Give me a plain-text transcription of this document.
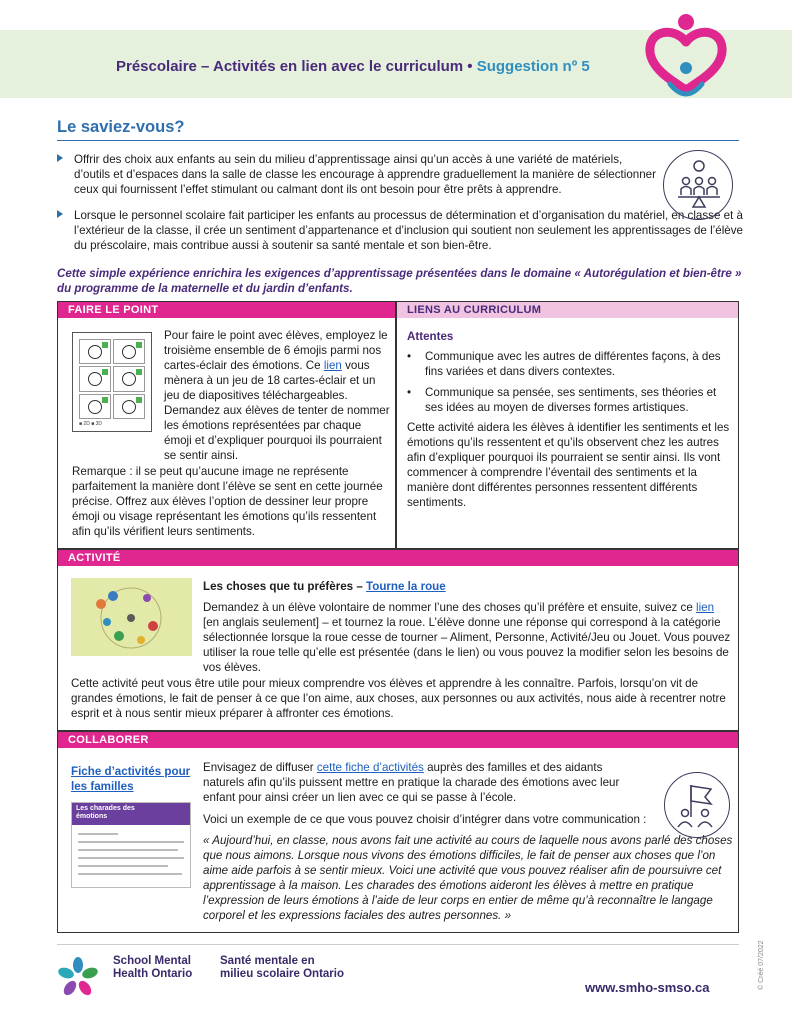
Préscolaire – Activités en lien avec le curriculum • Suggestion nº 5
Le saviez-vous?
Offrir des choix aux enfants au sein du milieu d’apprentissage ainsi qu’un accès à une variété de matériels, d’outils et d’espaces dans la salle de classe les encourage à apprendre graduellement la manière de sélectionner ceux qui fournissent l’effet stimulant ou calmant dont ils ont besoin pour être prêts à apprendre.
Lorsque le personnel scolaire fait participer les enfants au processus de détermination et d’organisation du matériel, en classe et à l’extérieur de la classe, il crée un sentiment d’appartenance et d’inclusion qui soutient non seulement les apprentissages de l’élève du préscolaire, mais contribue aussi à soutenir sa santé mentale et son bien-être.
Cette simple expérience enrichira les exigences d’apprentissage présentées dans le domaine « Autorégulation et bien-être » du programme de la maternelle et du jardin d’enfants.
FAIRE LE POINT
■ 2D ■ 3D
Pour faire le point avec élèves, employez le troisième ensemble de 6 émojis parmi nos cartes-éclair des émotions. Ce lien vous mènera à un jeu de 18 cartes-éclair et un jeu de diapositives téléchargeables.
Demandez aux élèves de tenter de nommer les émotions représentées par chaque émoji et d’expliquer pourquoi ils pourraient se sentir ainsi.
Remarque : il se peut qu’aucune image ne représente parfaitement la manière dont l’élève se sent en cette journée précise. Offrez aux élèves l’option de dessiner leur propre émoji ou visage représentant les émotions qu’ils ressentent afin qu’ils vérifient leurs sentiments.
LIENS AU CURRICULUM
Attentes
• Communique avec les autres de différentes façons, à des fins variées et dans divers contextes.
• Communique sa pensée, ses sentiments, ses théories et ses idées au moyen de diverses formes artistiques.
Cette activité aidera les élèves à identifier les sentiments et les émotions qu’ils ressentent et qu’ils observent chez les autres afin d’expliquer pourquoi ils pourraient se sentir ainsi. Ils vont commencer à comprendre l’éventail des sentiments et la manière dont différentes personnes ressentent différents sentiments.
ACTIVITÉ
Les choses que tu préfères – Tourne la roue
Demandez à un élève volontaire de nommer l’une des choses qu’il préfère et ensuite, suivez ce lien [en anglais seulement] – et tournez la roue. L’élève donne une réponse qui correspond à la catégorie sélectionnée lorsque la roue cesse de tourner – Aliment, Personne, Activité/Jeu ou Jouet. Vous pouvez utiliser la roue telle qu’elle est présentée (dans le lien) ou vous pouvez la modifier selon les besoins de vos élèves.
Cette activité peut vous être utile pour mieux comprendre vos élèves et apprendre à les connaître. Parfois, lorsqu’on vit de grandes émotions, le fait de penser à ce que l’on aime, aux choses, aux personnes ou aux activités, nous aide à recentrer notre esprit et à nous sentir mieux préparer à affronter ces émotions.
COLLABORER
Fiche d’activités pour les familles
Les charades des émotions
Envisagez de diffuser cette fiche d’activités auprès des familles et des aidants naturels afin qu’ils puissent mettre en pratique la charade des émotions avec leur enfant pour ainsi créer un lien avec ce qui se passe à l’école.
Voici un exemple de ce que vous pouvez choisir d’intégrer dans votre communication :
« Aujourd’hui, en classe, nous avons fait une activité au cours de laquelle nous avons parlé des choses que nous aimons. Lorsque nous vivons des émotions difficiles, le fait de penser aux choses que l’on aime aide parfois à se sentir mieux. Voici une activité que vous pouvez réaliser afin de poursuivre cet apprentissage à la maison. Les charades des émotions aideront les élèves à mettre en pratique l’expression de leurs émotions à l’aide de leur corps en entier de même qu’à reconnaître le langage corporel et les expressions faciales des autres personnes. »
School Mental Health Ontario
Santé mentale en milieu scolaire Ontario
www.smho-smso.ca	© Créé 07/2022
